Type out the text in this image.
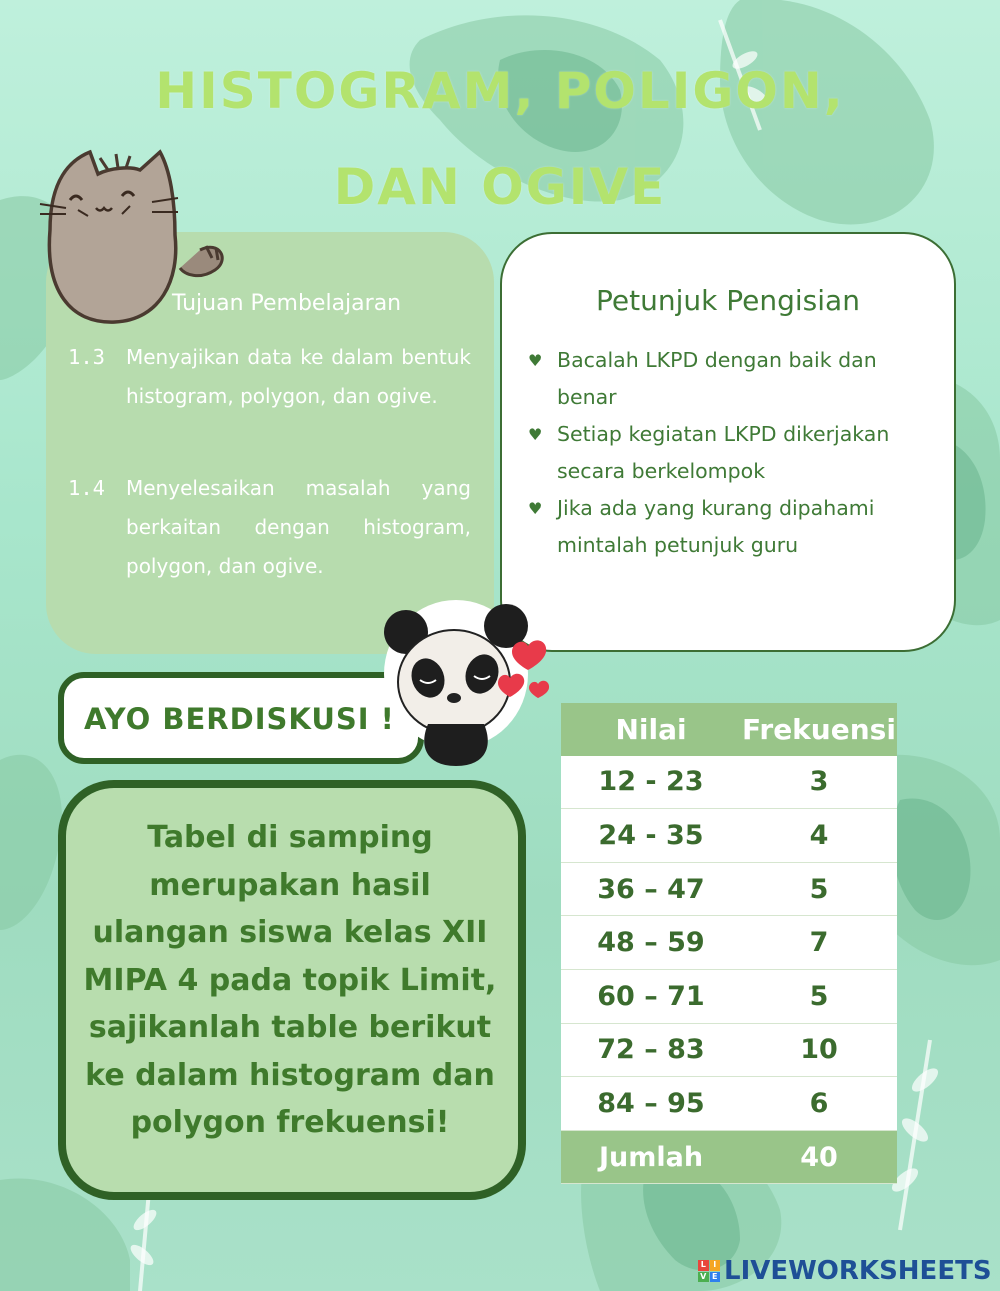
HISTOGRAM, POLIGON,
DAN OGIVE
Tujuan Pembelajaran
1.3 Menyajikan data ke dalam bentuk histogram, polygon, dan ogive.
1.4 Menyelesaikan masalah yang berkaitan dengan histogram, polygon, dan ogive.
Petunjuk Pengisian
♥ Bacalah LKPD dengan baik dan benar
♥ Setiap kegiatan LKPD dikerjakan secara berkelompok
♥ Jika ada yang kurang dipahami mintalah petunjuk guru
AYO BERDISKUSI !
Tabel di samping merupakan hasil ulangan siswa kelas XII MIPA 4 pada topik Limit, sajikanlah table berikut ke dalam histogram dan polygon frekuensi!
Nilai	Frekuensi
12 - 23	3
24 - 35	4
36 – 47	5
48 – 59	7
60 – 71	5
72 – 83	10
84 – 95	6
Jumlah	40
L I
V E LIVEWORKSHEETS
